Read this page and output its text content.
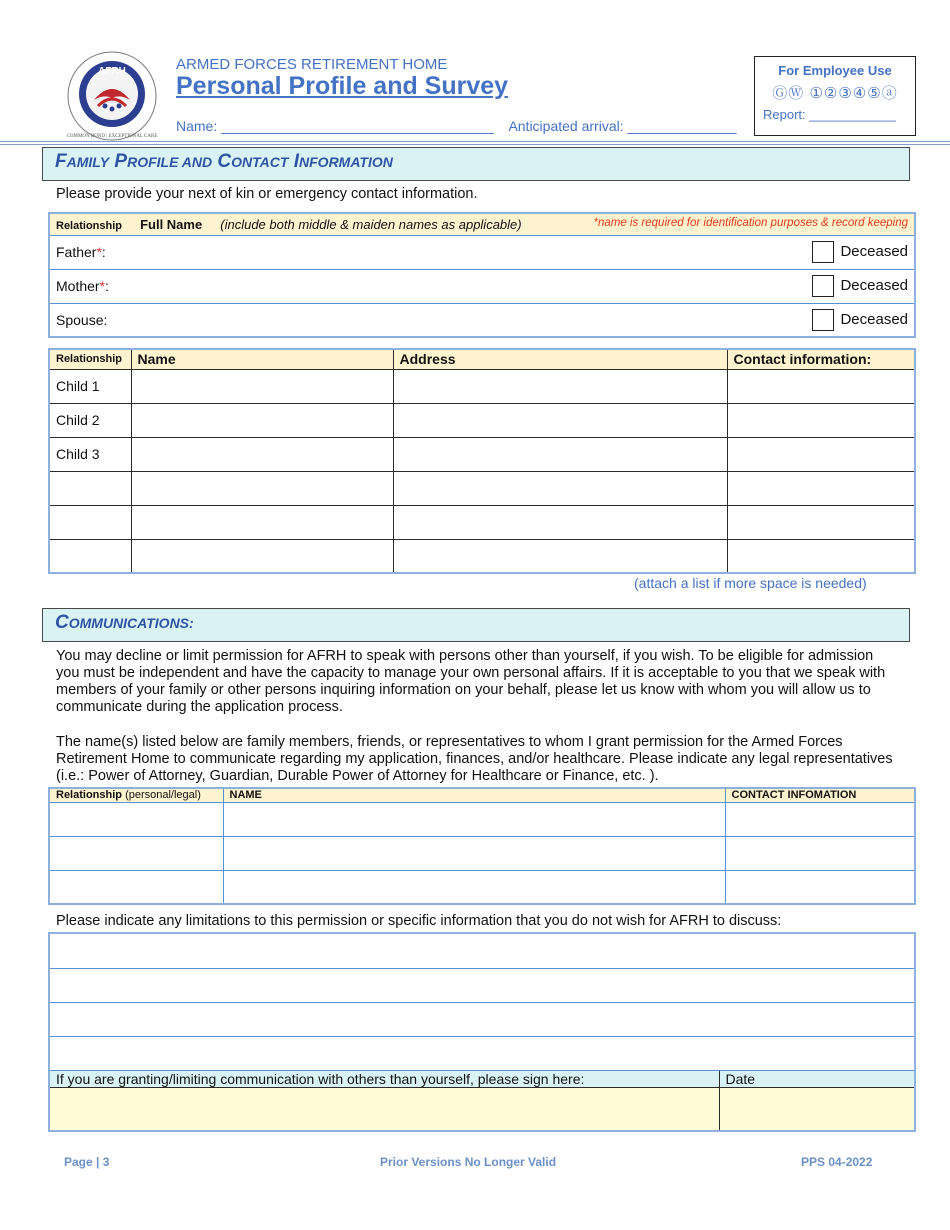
AFRH
COMMON BOND | EXCEPTIONAL CARE
ARMED FORCES RETIREMENT HOME
Personal Profile and Survey
Name: ___________________________________ Anticipated arrival: ______________
For Employee Use
ⒼⓌ ①②③④⑤ⓐ
Report: ____________
FAMILY PROFILE AND CONTACT INFORMATION
Please provide your next of kin or emergency contact information.
Relationship Full Name (include both middle & maiden names as applicable) *name is required for identification purposes & record keeping	

Father*:	Deceased
Mother*:	Deceased
Spouse:	Deceased
Relationship	Name	Address	Contact information:
Child 1			
Child 2			
Child 3			

(attach a list if more space is needed)
COMMUNICATIONS:
You may decline or limit permission for AFRH to speak with persons other than yourself, if you wish. To be eligible for admission you must be independent and have the capacity to manage your own personal affairs. If it is acceptable to you that we speak with members of your family or other persons inquiring information on your behalf, please let us know with whom you will allow us to communicate during the application process.
The name(s) listed below are family members, friends, or representatives to whom I grant permission for the Armed Forces Retirement Home to communicate regarding my application, finances, and/or healthcare. Please indicate any legal representatives (i.e.: Power of Attorney, Guardian, Durable Power of Attorney for Healthcare or Finance, etc. ).
Relationship (personal/legal)	NAME	CONTACT INFOMATION

Please indicate any limitations to this permission or specific information that you do not wish for AFRH to discuss:

If you are granting/limiting communication with others than yourself, please sign here:	Date

Page | 3	Prior Versions No Longer Valid	PPS 04-2022
